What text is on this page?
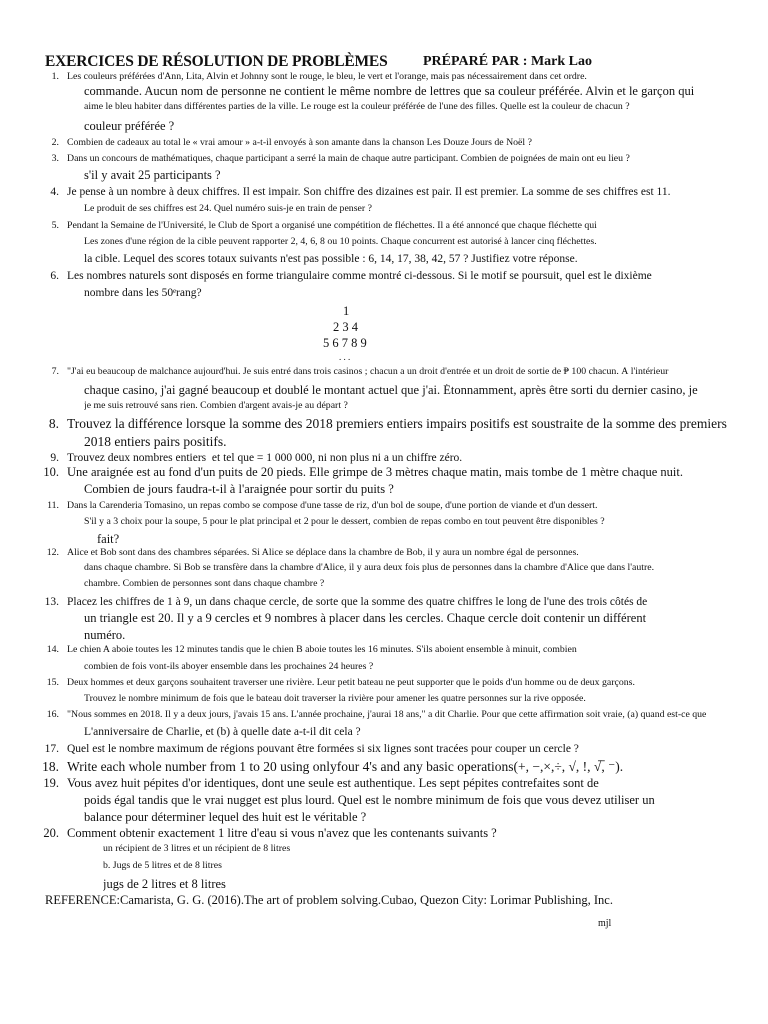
EXERCICES DE RÉSOLUTION DE PROBLÈMES	PRÉPARÉ PAR : Mark Lao
1. Les couleurs préférées d'Ann, Lita, Alvin et Johnny sont le rouge, le bleu, le vert et l'orange, mais pas nécessairement dans cet ordre.
commande. Aucun nom de personne ne contient le même nombre de lettres que sa couleur préférée. Alvin et le garçon qui
aime le bleu habiter dans différentes parties de la ville. Le rouge est la couleur préférée de l'une des filles. Quelle est la couleur de chacun ?
couleur préférée ?
2. Combien de cadeaux au total le « vrai amour » a-t-il envoyés à son amante dans la chanson Les Douze Jours de Noël ?
3. Dans un concours de mathématiques, chaque participant a serré la main de chaque autre participant. Combien de poignées de main ont eu lieu ?
s'il y avait 25 participants ?
4. Je pense à un nombre à deux chiffres. Il est impair. Son chiffre des dizaines est pair. Il est premier. La somme de ses chiffres est 11.
Le produit de ses chiffres est 24. Quel numéro suis-je en train de penser ?
5. Pendant la Semaine de l'Université, le Club de Sport a organisé une compétition de fléchettes. Il a été annoncé que chaque fléchette qui
Les zones d'une région de la cible peuvent rapporter 2, 4, 6, 8 ou 10 points. Chaque concurrent est autorisé à lancer cinq fléchettes.
la cible. Lequel des scores totaux suivants n'est pas possible : 6, 14, 17, 38, 42, 57 ? Justifiez votre réponse.
6. Les nombres naturels sont disposés en forme triangulaire comme montré ci-dessous. Si le motif se poursuit, quel est le dixième
nombre dans les 50ᵉrang?
7. "J'ai eu beaucoup de malchance aujourd'hui. Je suis entré dans trois casinos ; chacun a un droit d'entrée et un droit de sortie de ₱ 100 chacun. À l'intérieur
chaque casino, j'ai gagné beaucoup et doublé le montant actuel que j'ai. Étonnamment, après être sorti du dernier casino, je
je me suis retrouvé sans rien. Combien d'argent avais-je au départ ?
8. Trouvez la différence lorsque la somme des 2018 premiers entiers impairs positifs est soustraite de la somme des premiers
2018 entiers pairs positifs.
9. Trouvez deux nombres entiers ​ et​ tel que = 1 000 000, ni non plus​ ni​ a un chiffre zéro.
10. Une araignée est au fond d'un puits de 20 pieds. Elle grimpe de 3 mètres chaque matin, mais tombe de 1 mètre chaque nuit.
Combien de jours faudra-t-il à l'araignée pour sortir du puits ?
11. Dans la Carenderia Tomasino, un repas combo se compose d'une tasse de riz, d'un bol de soupe, d'une portion de viande et d'un dessert.
S'il y a 3 choix pour la soupe, 5 pour le plat principal et 2 pour le dessert, combien de repas combo en tout peuvent être disponibles ?
fait?
12. Alice et Bob sont dans des chambres séparées. Si Alice se déplace dans la chambre de Bob, il y aura un nombre égal de personnes.
dans chaque chambre. Si Bob se transfère dans la chambre d'Alice, il y aura deux fois plus de personnes dans la chambre d'Alice que dans l'autre.
chambre. Combien de personnes sont dans chaque chambre ?
13. Placez les chiffres de 1 à 9, un dans chaque cercle, de sorte que la somme des quatre chiffres le long de l'une des trois côtés de
un triangle est 20. Il y a 9 cercles et 9 nombres à placer dans les cercles. Chaque cercle doit contenir un différent
numéro.
14. Le chien A aboie toutes les 12 minutes tandis que le chien B aboie toutes les 16 minutes. S'ils aboient ensemble à minuit, combien
combien de fois vont-ils aboyer ensemble dans les prochaines 24 heures ?
15. Deux hommes et deux garçons souhaitent traverser une rivière. Leur petit bateau ne peut supporter que le poids d'un homme ou de deux garçons.
Trouvez le nombre minimum de fois que le bateau doit traverser la rivière pour amener les quatre personnes sur la rive opposée.
16. "Nous sommes en 2018. Il y a deux jours, j'avais 15 ans. L'année prochaine, j'aurai 18 ans," a dit Charlie. Pour que cette affirmation soit vraie, (a) quand est-ce que
L'anniversaire de Charlie, et (b) à quelle date a-t-il dit cela ?
17. Quel est le nombre maximum de régions pouvant être formées si six lignes sont tracées pour couper un cercle ?
18. Write each whole number from 1 to 20 using onlyfour 4's and any basic operations(+, −,×,÷, √, !, √̅, ⁻).
19. Vous avez huit pépites d'or identiques, dont une seule est authentique. Les sept pépites contrefaites sont de
poids égal tandis que le vrai nugget est plus lourd. Quel est le nombre minimum de fois que vous devez utiliser un
balance pour déterminer lequel des huit est le véritable ?
20. Comment obtenir exactement 1 litre d'eau si vous n'avez que les contenants suivants ?
un récipient de 3 litres et un récipient de 8 litres
b. Jugs de 5 litres et de 8 litres
jugs de 2 litres et 8 litres
1
2 3 4
5 6 7 8 9
. . .
REFERENCE:Camarista, G. G. (2016).The art of problem solving.Cubao, Quezon City: Lorimar Publishing, Inc.
mjl
